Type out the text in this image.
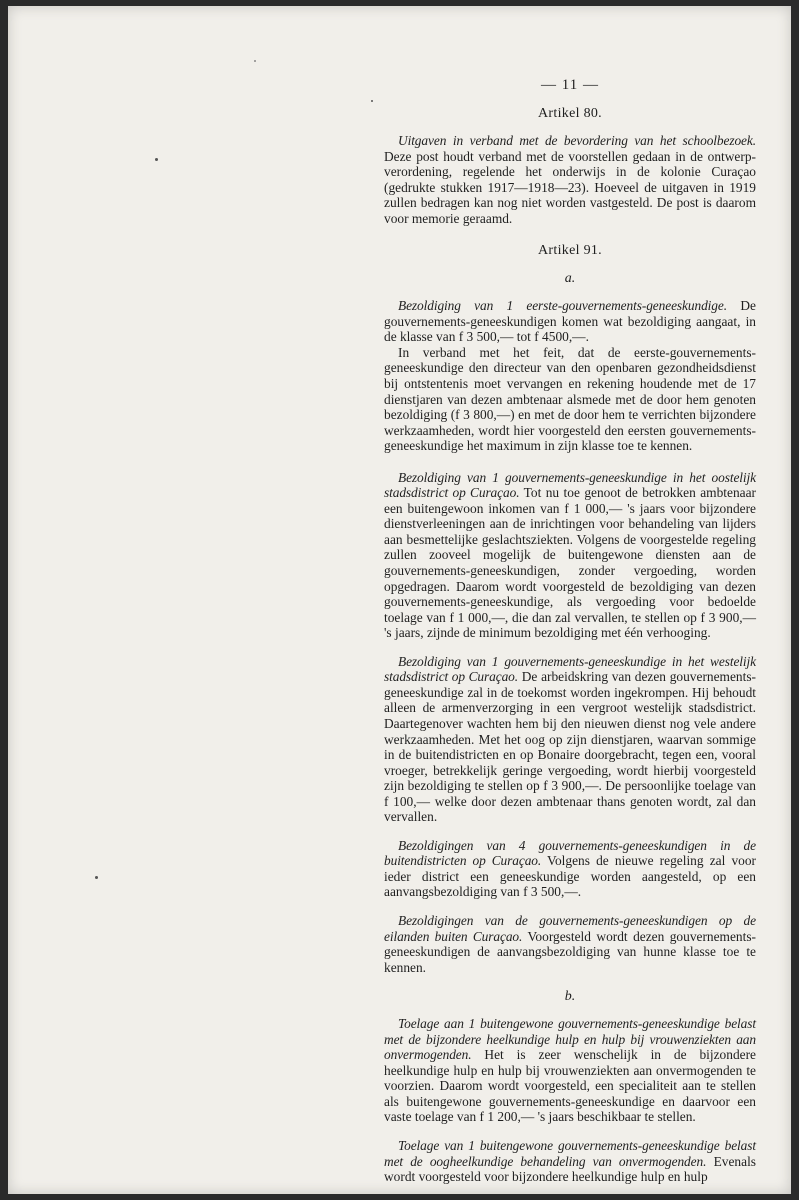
— 11 —
Artikel 80.

Uitgaven in verband met de bevordering van het schoolbezoek. Deze post houdt verband met de voorstellen gedaan in de ontwerp-verordening, regelende het onderwijs in de kolonie Curaçao (gedrukte stukken 1917—1918—23). Hoeveel de uitgaven in 1919 zullen bedragen kan nog niet worden vastgesteld. De post is daarom voor memorie geraamd.

Artikel 91.
a.

Bezoldiging van 1 eerste-gouvernements-geneeskundige. De gouvernements-geneeskundigen komen wat bezoldiging aangaat, in de klasse van f 3 500,— tot f 4500,—.

In verband met het feit, dat de eerste-gouvernements-geneeskundige den directeur van den openbaren gezondheidsdienst bij ontstentenis moet vervangen en rekening houdende met de 17 dienstjaren van dezen ambtenaar alsmede met de door hem genoten bezoldiging (f 3 800,—) en met de door hem te verrichten bijzondere werkzaamheden, wordt hier voorgesteld den eersten gouvernements-geneeskundige het maximum in zijn klasse toe te kennen.

Bezoldiging van 1 gouvernements-geneeskundige in het oostelijk stadsdistrict op Curaçao. Tot nu toe genoot de betrokken ambtenaar een buitengewoon inkomen van f 1 000,— 's jaars voor bijzondere dienstverleeningen aan de inrichtingen voor behandeling van lijders aan besmettelijke geslachtsziekten. Volgens de voorgestelde regeling zullen zooveel mogelijk de buitengewone diensten aan de gouvernements-geneeskundigen, zonder vergoeding, worden opgedragen. Daarom wordt voorgesteld de bezoldiging van dezen gouvernements-geneeskundige, als vergoeding voor bedoelde toelage van f 1 000,—, die dan zal vervallen, te stellen op f 3 900,— 's jaars, zijnde de minimum bezoldiging met één verhooging.

Bezoldiging van 1 gouvernements-geneeskundige in het westelijk stadsdistrict op Curaçao. De arbeidskring van dezen gouvernements-geneeskundige zal in de toekomst worden ingekrompen. Hij behoudt alleen de armenverzorging in een vergroot westelijk stadsdistrict. Daartegenover wachten hem bij den nieuwen dienst nog vele andere werkzaamheden. Met het oog op zijn dienstjaren, waarvan sommige in de buitendistricten en op Bonaire doorgebracht, tegen een, vooral vroeger, betrekkelijk geringe vergoeding, wordt hierbij voorgesteld zijn bezoldiging te stellen op f 3 900,—. De persoonlijke toelage van f 100,— welke door dezen ambtenaar thans genoten wordt, zal dan vervallen.

Bezoldigingen van 4 gouvernements-geneeskundigen in de buitendistricten op Curaçao. Volgens de nieuwe regeling zal voor ieder district een geneeskundige worden aangesteld, op een aanvangsbezoldiging van f 3 500,—.

Bezoldigingen van de gouvernements-geneeskundigen op de eilanden buiten Curaçao. Voorgesteld wordt dezen gouvernements-geneeskundigen de aanvangsbezoldiging van hunne klasse toe te kennen.

b.

Toelage aan 1 buitengewone gouvernements-geneeskundige belast met de bijzondere heelkundige hulp en hulp bij vrouwenziekten aan onvermogenden. Het is zeer wenschelijk in de bijzondere heelkundige hulp en hulp bij vrouwenziekten aan onvermogenden te voorzien. Daarom wordt voorgesteld, een specialiteit aan te stellen als buitengewone gouvernements-geneeskundige en daarvoor een vaste toelage van f 1 200,— 's jaars beschikbaar te stellen.

Toelage van 1 buitengewone gouvernements-geneeskundige belast met de oogheelkundige behandeling van onvermogenden. Evenals wordt voorgesteld voor bijzondere heelkundige hulp en hulp
